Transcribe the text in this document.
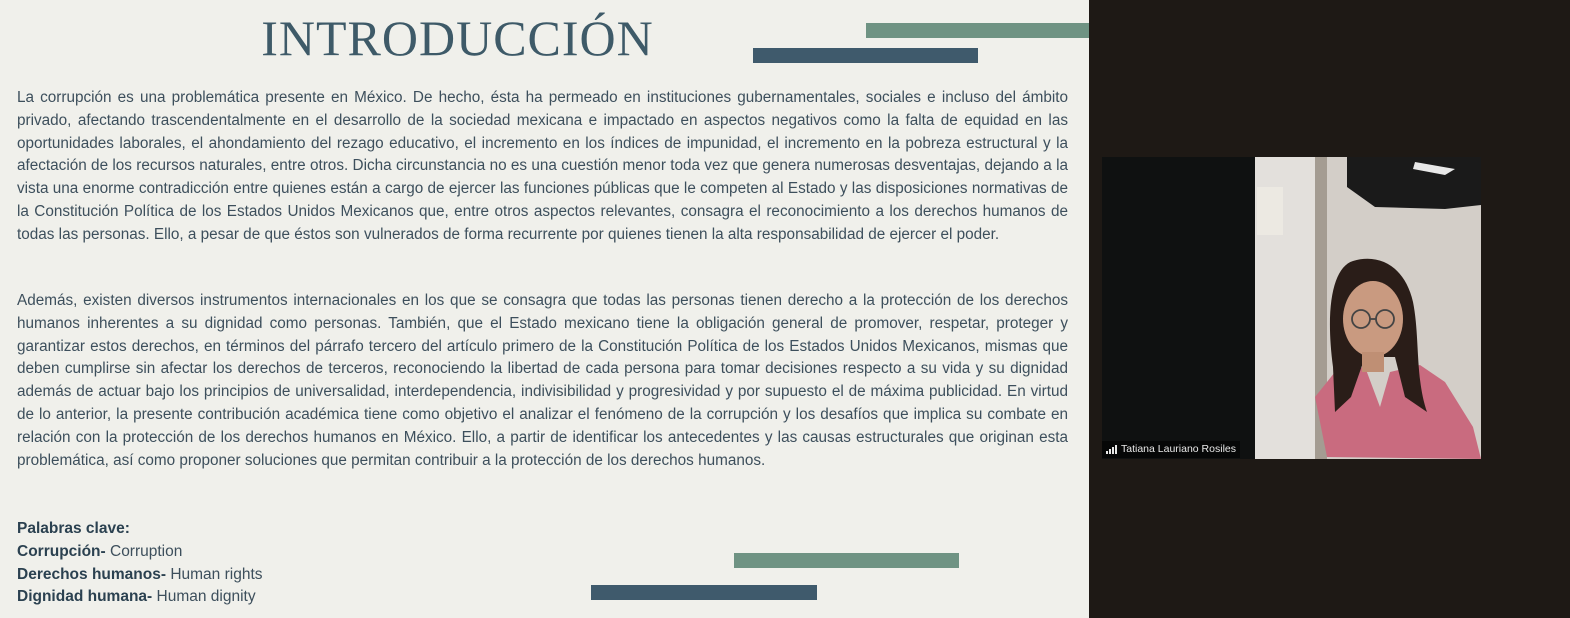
INTRODUCCIÓN

La corrupción es una problemática presente en México. De hecho, ésta ha permeado en instituciones gubernamentales, sociales e incluso del ámbito privado, afectando trascendentalmente en el desarrollo de la sociedad mexicana e impactado en aspectos negativos como la falta de equidad en las oportunidades laborales, el ahondamiento del rezago educativo, el incremento en los índices de impunidad, el incremento en la pobreza estructural y la afectación de los recursos naturales, entre otros. Dicha circunstancia no es una cuestión menor toda vez que genera numerosas desventajas, dejando a la vista una enorme contradicción entre quienes están a cargo de ejercer las funciones públicas que le competen al Estado y las disposiciones normativas de la Constitución Política de los Estados Unidos Mexicanos que, entre otros aspectos relevantes, consagra el reconocimiento a los derechos humanos de todas las personas. Ello, a pesar de que éstos son vulnerados de forma recurrente por quienes tienen la alta responsabilidad de ejercer el poder.

Además, existen diversos instrumentos internacionales en los que se consagra que todas las personas tienen derecho a la protección de los derechos humanos inherentes a su dignidad como personas. También, que el Estado mexicano tiene la obligación general de promover, respetar, proteger y garantizar estos derechos, en términos del párrafo tercero del artículo primero de la Constitución Política de los Estados Unidos Mexicanos, mismas que deben cumplirse sin afectar los derechos de terceros, reconociendo la libertad de cada persona para tomar decisiones respecto a su vida y su dignidad además de actuar bajo los principios de universalidad, interdependencia, indivisibilidad y progresividad y por supuesto el de máxima publicidad. En virtud de lo anterior, la presente contribución académica tiene como objetivo el analizar el fenómeno de la corrupción y los desafíos que implica su combate en relación con la protección de los derechos humanos en México. Ello, a partir de identificar los antecedentes y las causas estructurales que originan esta problemática, así como proponer soluciones que permitan contribuir a la protección de los derechos humanos.

Palabras clave:
Corrupción- Corruption
Derechos humanos- Human rights
Dignidad humana- Human dignity
Tatiana Lauriano Rosiles
